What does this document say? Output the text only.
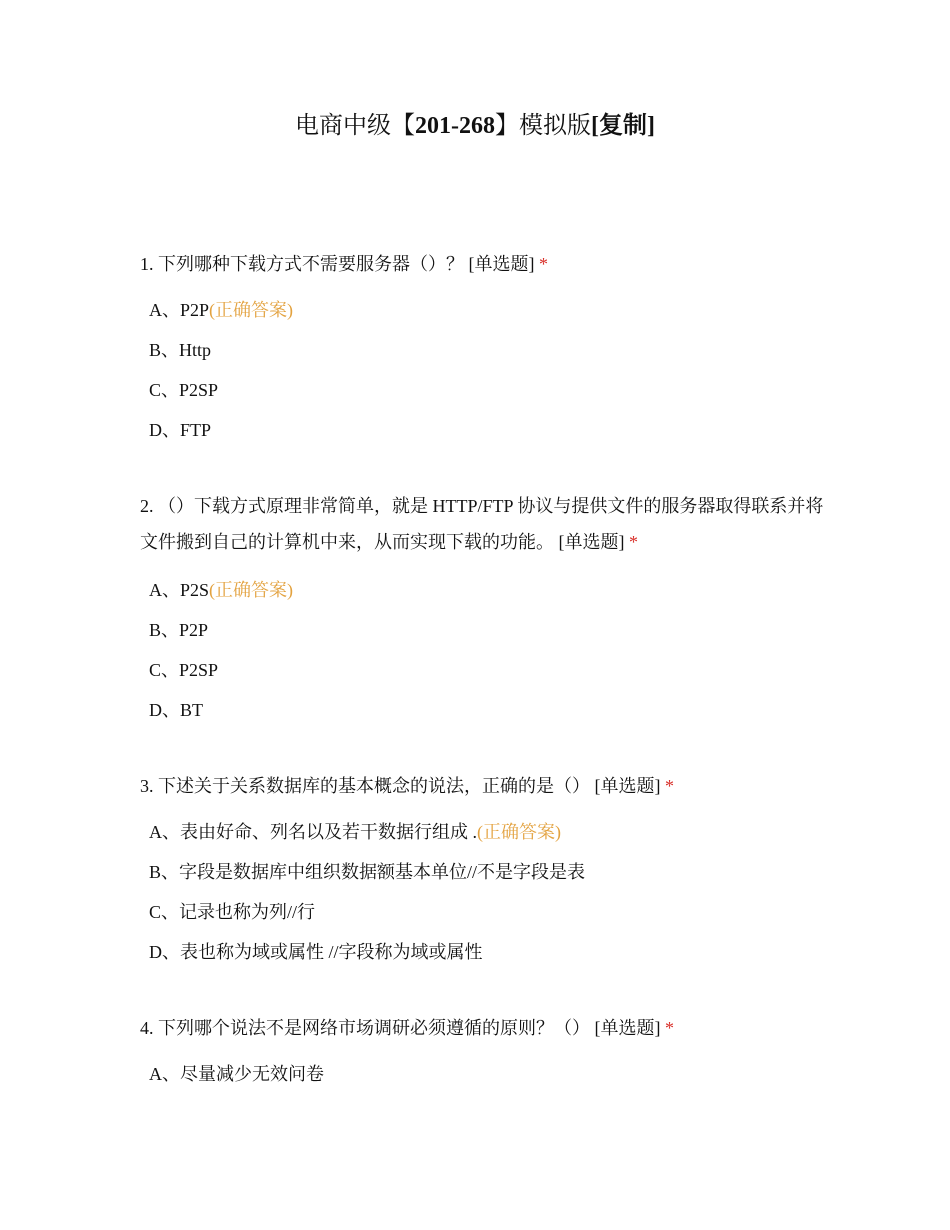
电商中级【201-268】模拟版[复制]
1. 下列哪种下载方式不需要服务器（）？ [单选题] *
A、P2P(正确答案)
B、Http
C、P2SP
D、FTP
2. （）下载方式原理非常简单，就是 HTTP/FTP 协议与提供文件的服务器取得联系并将文件搬到自己的计算机中来，从而实现下载的功能。 [单选题] *
A、P2S(正确答案)
B、P2P
C、P2SP
D、BT
3. 下述关于关系数据库的基本概念的说法，正确的是（） [单选题] *
A、表由好命、列名以及若干数据行组成 .(正确答案)
B、字段是数据库中组织数据额基本单位//不是字段是表
C、记录也称为列//行
D、表也称为域或属性 //字段称为域或属性
4. 下列哪个说法不是网络市场调研必须遵循的原则？（） [单选题] *
A、尽量减少无效问卷
